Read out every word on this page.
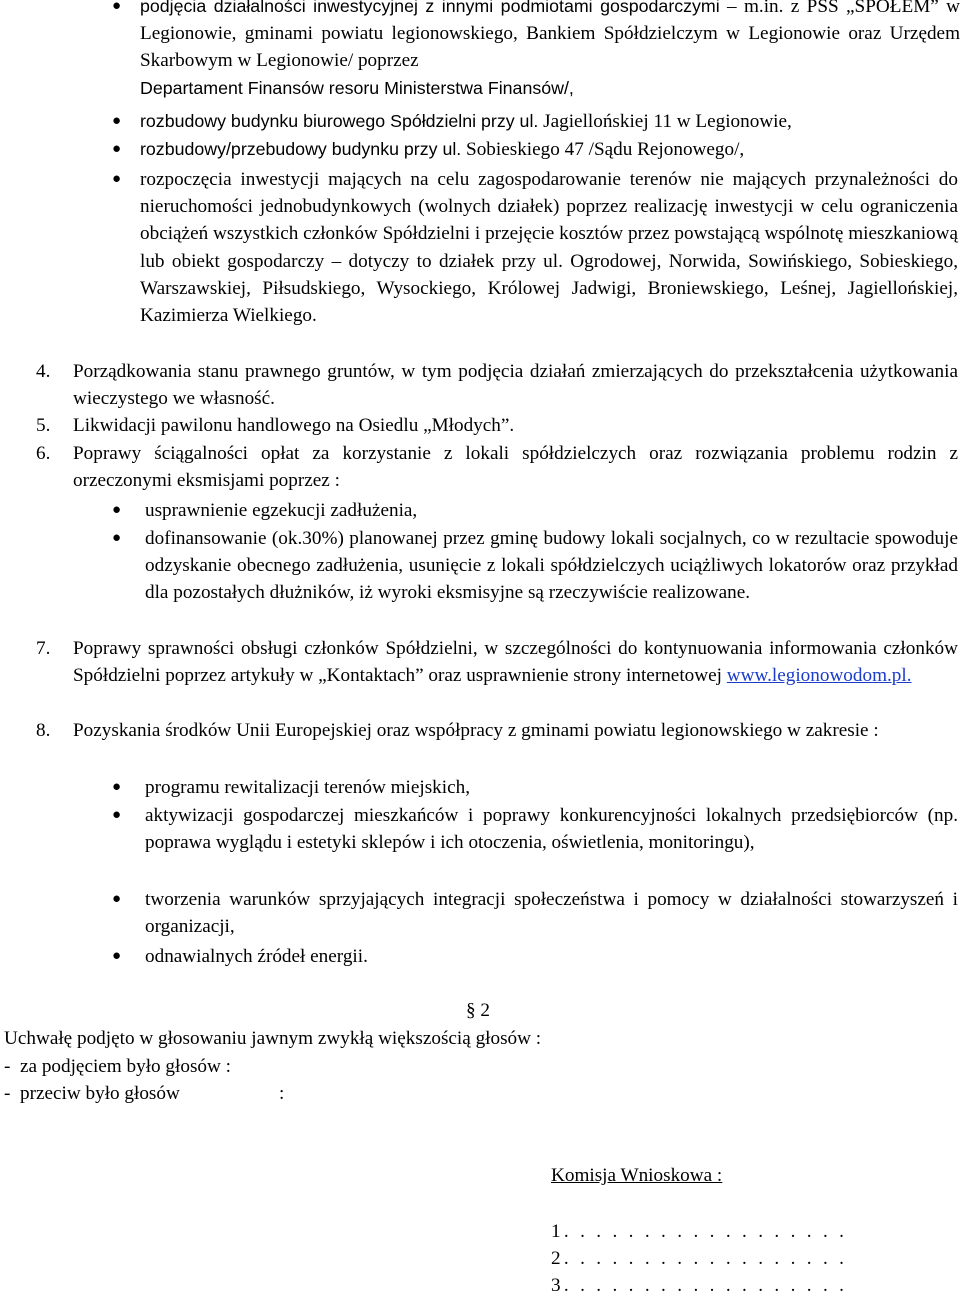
● podjęcia działalności inwestycyjnej z innymi podmiotami gospodarczymi – m.in. z PSS „SPOŁEM” w Legionowie, gminami powiatu legionowskiego, Bankiem Spółdzielczym w Legionowie oraz Urzędem Skarbowym w Legionowie/ poprzez
Departament Finansów resoru Ministerstwa Finansów/,
● rozbudowy budynku biurowego Spółdzielni przy ul. Jagiellońskiej 11 w Legionowie,
● rozbudowy/przebudowy budynku przy ul. Sobieskiego 47 /Sądu Rejonowego/,
● rozpoczęcia inwestycji mających na celu zagospodarowanie terenów nie mających przynależności do nieruchomości jednobudynkowych (wolnych działek) poprzez realizację inwestycji w celu ograniczenia obciążeń wszystkich członków Spółdzielni i przejęcie kosztów przez powstającą wspólnotę mieszkaniową lub obiekt gospodarczy – dotyczy to działek przy ul. Ogrodowej, Norwida, Sowińskiego, Sobieskiego, Warszawskiej, Piłsudskiego, Wysockiego, Królowej Jadwigi, Broniewskiego, Leśnej, Jagiellońskiej, Kazimierza Wielkiego.
4. Porządkowania stanu prawnego gruntów, w tym podjęcia działań zmierzających do przekształcenia użytkowania wieczystego we własność.
5. Likwidacji pawilonu handlowego na Osiedlu „Młodych”.
6. Poprawy ściągalności opłat za korzystanie z lokali spółdzielczych oraz rozwiązania problemu rodzin z orzeczonymi eksmisjami poprzez :
● usprawnienie egzekucji zadłużenia,
● dofinansowanie (ok.30%) planowanej przez gminę budowy lokali socjalnych, co w rezultacie spowoduje odzyskanie obecnego zadłużenia, usunięcie z lokali spółdzielczych uciążliwych lokatorów oraz przykład dla pozostałych dłużników, iż wyroki eksmisyjne są rzeczywiście realizowane.
7. Poprawy sprawności obsługi członków Spółdzielni, w szczególności do kontynuowania informowania członków Spółdzielni poprzez artykuły w „Kontaktach” oraz usprawnienie strony internetowej www.legionowodom.pl.
8. Pozyskania środków Unii Europejskiej oraz współpracy z gminami powiatu legionowskiego w zakresie :
● programu rewitalizacji terenów miejskich,
● aktywizacji gospodarczej mieszkańców i poprawy konkurencyjności lokalnych przedsiębiorców (np. poprawa wyglądu i estetyki sklepów i ich otoczenia, oświetlenia, monitoringu),
● tworzenia warunków sprzyjających integracji społeczeństwa i pomocy w działalności stowarzyszeń i organizacji,
● odnawialnych źródeł energii.
§ 2
Uchwałę podjęto w głosowaniu jawnym zwykłą większością głosów :
-  za podjęciem było głosów :
-  przeciw było głosów	:
Komisja Wnioskowa :
1. . . . . . . . . . . . . . . . . .
2. . . . . . . . . . . . . . . . . .
3. . . . . . . . . . . . . . . . . .
